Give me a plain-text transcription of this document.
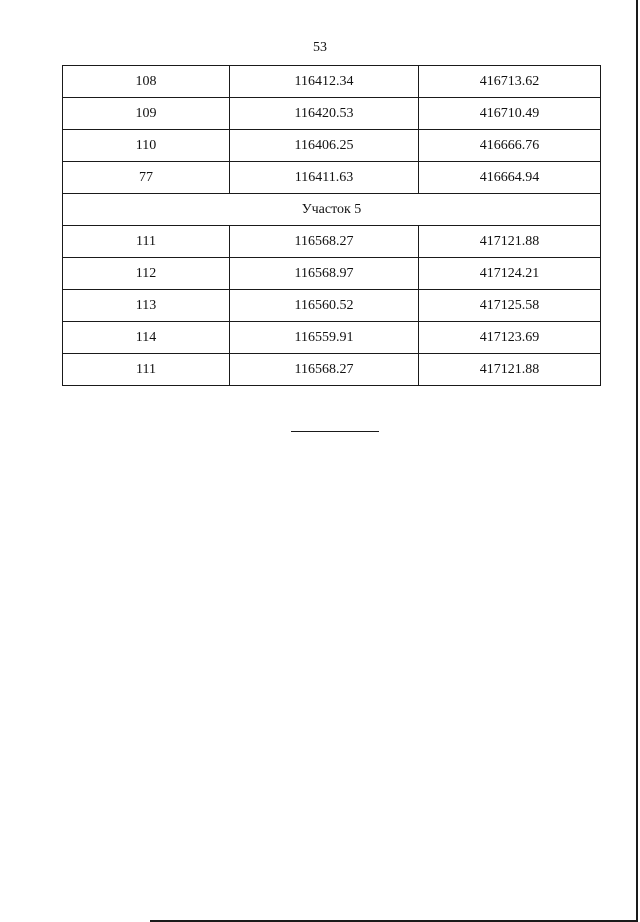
53
108	116412.34	416713.62
109	116420.53	416710.49
110	116406.25	416666.76
77	116411.63	416664.94
Участок 5		
111	116568.27	417121.88
112	116568.97	417124.21
113	116560.52	417125.58
114	116559.91	417123.69
111	116568.27	417121.88
